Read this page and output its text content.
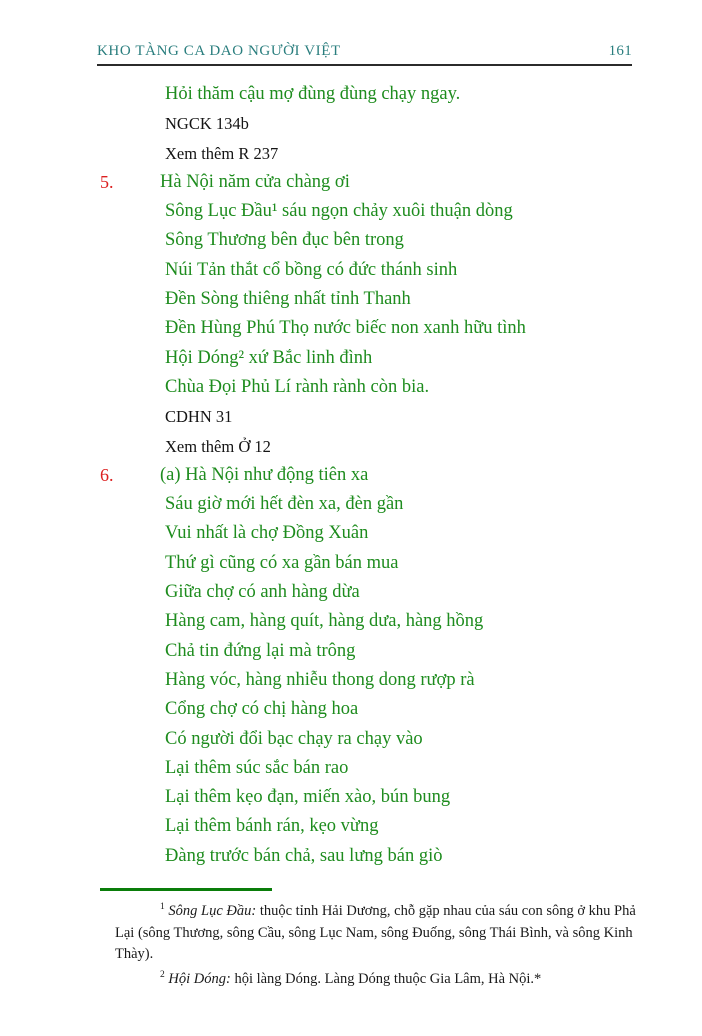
KHO TÀNG CA DAO NGƯỜI VIỆT	161
Hỏi thăm cậu mợ đùng đùng chạy ngay.
NGCK 134b
Xem thêm R 237
5.	Hà Nội năm cửa chàng ơi
Sông Lục Đầu¹ sáu ngọn chảy xuôi thuận dòng
Sông Thương bên đục bên trong
Núi Tản thắt cổ bồng có đức thánh sinh
Đền Sòng thiêng nhất tỉnh Thanh
Đền Hùng Phú Thọ nước biếc non xanh hữu tình
Hội Dóng² xứ Bắc linh đình
Chùa Đọi Phủ Lí rành rành còn bia.
CDHN 31
Xem thêm Ở 12
6.	(a) Hà Nội như động tiên xa
Sáu giờ mới hết đèn xa, đèn gần
Vui nhất là chợ Đồng Xuân
Thứ gì cũng có xa gần bán mua
Giữa chợ có anh hàng dừa
Hàng cam, hàng quít, hàng dưa, hàng hồng
Chả tin đứng lại mà trông
Hàng vóc, hàng nhiễu thong dong rượp rà
Cổng chợ có chị hàng hoa
Có người đổi bạc chạy ra chạy vào
Lại thêm súc sắc bán rao
Lại thêm kẹo đạn, miến xào, bún bung
Lại thêm bánh rán, kẹo vừng
Đàng trước bán chả, sau lưng bán giò

$^1$ Sông Lục Đầu: thuộc tỉnh Hải Dương, chỗ gặp nhau của sáu con sông ở khu Phả Lại (sông Thương, sông Cầu, sông Lục Nam, sông Đuống, sông Thái Bình, và sông Kinh Thày).

$^2$ Hội Dóng: hội làng Dóng. Làng Dóng thuộc Gia Lâm, Hà Nội.*
